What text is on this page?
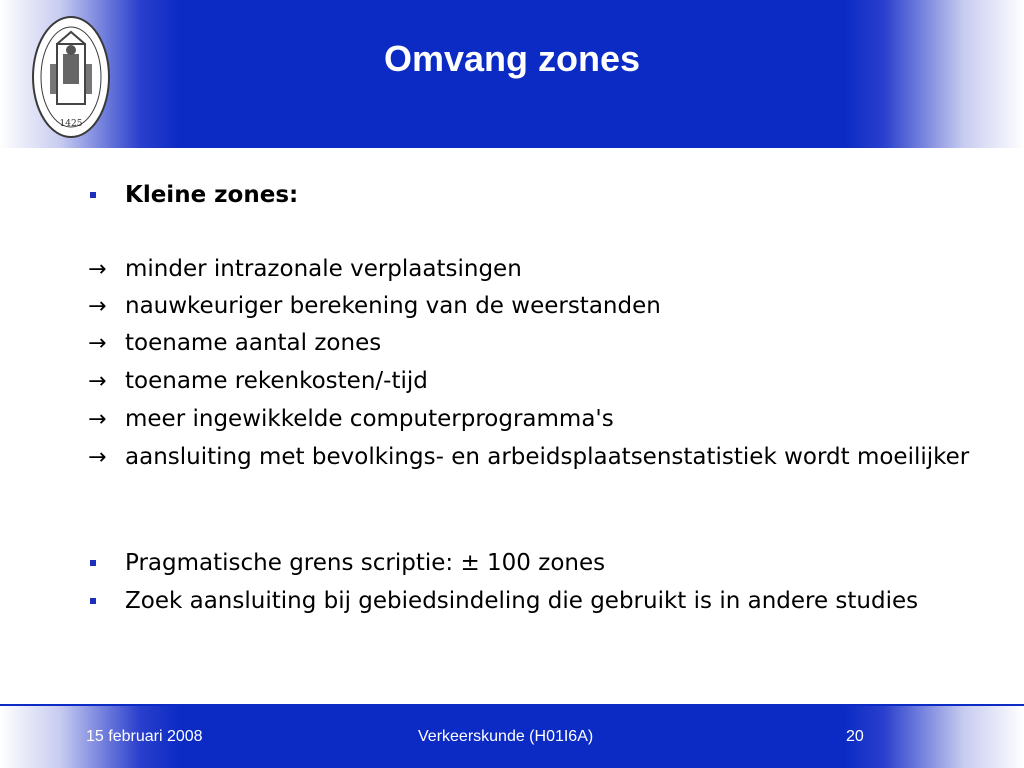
1425
Omvang zones
Kleine zones:
→ minder intrazonale verplaatsingen
→ nauwkeuriger berekening van de weerstanden
→ toename aantal zones
→ toename rekenkosten/-tijd
→ meer ingewikkelde computerprogramma's
→ aansluiting met bevolkings- en arbeidsplaatsenstatistiek wordt moeilijker
Pragmatische grens scriptie: ± 100 zones
Zoek aansluiting bij gebiedsindeling die gebruikt is in andere studies
15 februari 2008	Verkeerskunde (H01I6A)	20
